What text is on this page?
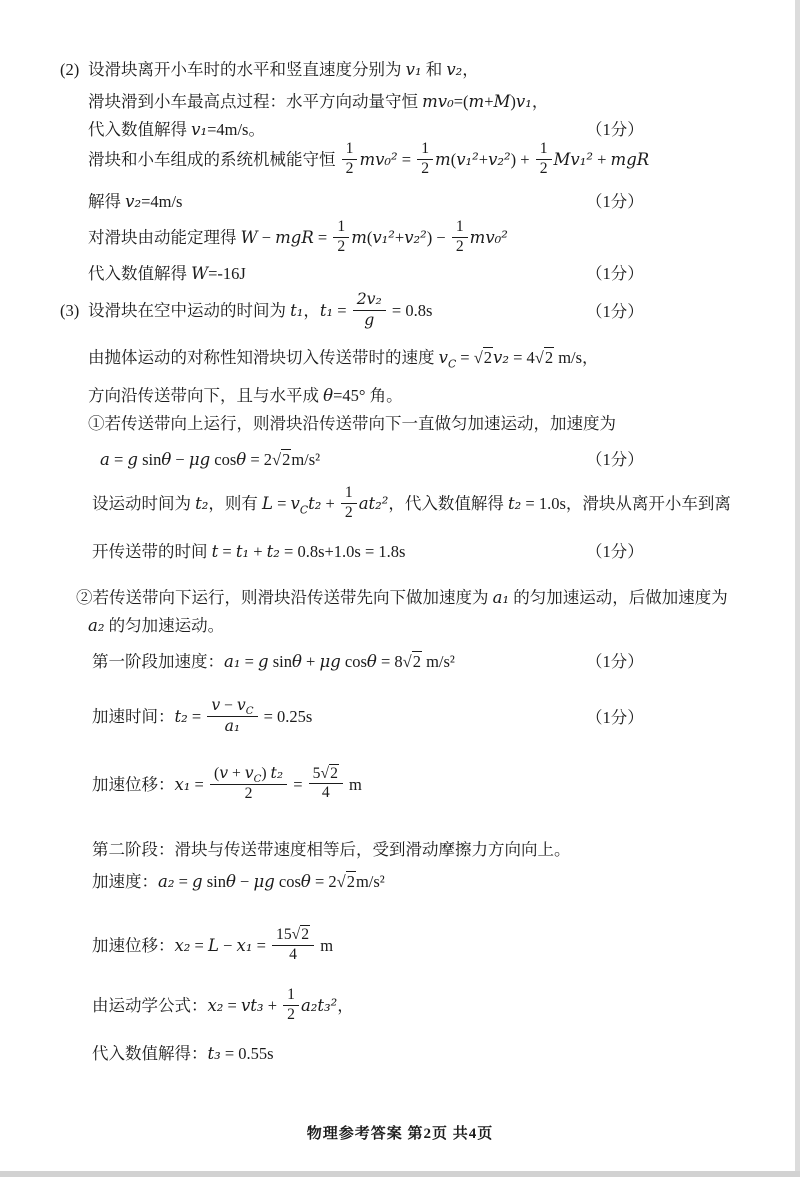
(2) 设滑块离开小车时的水平和竖直速度分别为 v₁ 和 v₂，
滑块滑到小车最高点过程：水平方向动量守恒 mv₀=(m+M)v₁，
代入数值解得 v₁=4m/s。	（1分）
滑块和小车组成的系统机械能守恒 $\frac{1}{2} mv_0^2 = \frac{1}{2} m(v_1^2+v_2^2) + \frac{1}{2} Mv_1^2$ + mgR
解得 v₂=4m/s	（1分）
对滑块由动能定理得 W − mgR = $\frac{1}{2} m(v_1^2+v_2^2) - \frac{1}{2} mv_0^2$
代入数值解得 W=-16J	（1分）
(3) 设滑块在空中运动的时间为 t₁，$t_1 = \frac{\text{2v₂}}{g} = 0.8s$	（1分）
由抛体运动的对称性知滑块切入传送带时的速度 $v_C = √2v_2 = 4√2$ m/s，
方向沿传送带向下，且与水平成 θ=45° 角。
①若传送带向上运行，则滑块沿传送带向下一直做匀加速运动，加速度为
a = g sinθ − μg cosθ = 2√2m/s²	（1分）
设运动时间为 t₂，则有 $L = v_Ct_2 + \frac{1}{2} at_2^2$，代入数值解得 t₂ = 1.0s，滑块从离开小车到离
开传送带的时间 t = t₁ + t₂ = 0.8s+1.0s = 1.8s	（1分）
②若传送带向下运行，则滑块沿传送带先向下做加速度为 a₁ 的匀加速运动，后做加速度为
a₂ 的匀加速运动。
第一阶段加速度：a₁ = g sinθ + μg cosθ = 8√2 m/s²	（1分）
加速时间：$t_2 = \frac{v - v_C}{\text{a₁}} = 0.25s$	（1分）
加速位移：$x_1 = \frac{(v + v_C) t_2}{2} = \frac{5√2}{4}$ m
第二阶段：滑块与传送带速度相等后，受到滑动摩擦力方向向上。
加速度：a₂ = g sinθ − μg cosθ = 2√2m/s²
加速位移：$x_2 = L - x_1 = \frac{15√2}{4}$ m
由运动学公式：$x_2 = vt_3 + \frac{1}{2} a_2t_3^2$，
代入数值解得：t₃ = 0.55s
物理参考答案 第2页 共4页
